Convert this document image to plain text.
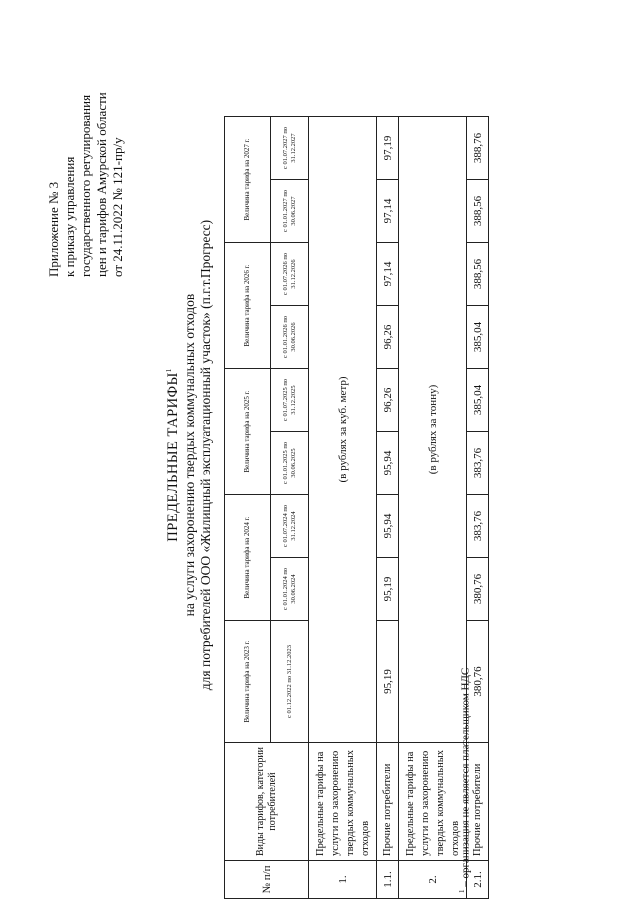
Приложение № 3 к приказу управления государственного регулирования цен и тарифов Амурской области от 24.11.2022 № 121-пр/у
ПРЕДЕЛЬНЫЕ ТАРИФЫ$^1$ на услуги захоронению твердых коммунальных отходов для потребителей ООО «Жилищный эксплуатационный участок» (п.г.т.Прогресс)
№ п/п	Виды тарифов, категории потребителей	Величина тарифа на 2023 г.	Величина тарифа на 2024 г.		Величина тарифа на 2025 г.		Величина тарифа на 2026 г.		Величина тарифа на 2027 г.	
		с 01.12.2022 по 31.12.2023	с 01.01.2024 по 30.06.2024	с 01.07.2024 по 31.12.2024	с 01.01.2025 по 30.06.2025	с 01.07.2025 по 31.12.2025	с 01.01.2026 по 30.06.2026	с 01.07.2026 по 31.12.2026	с 01.01.2027 по 30.06.2027	с 01.07.2027 по 31.12.2027
1.	Предельные тарифы на услуги по захоронению твердых коммунальных отходов	(в рублях за куб. метр)								
1.1.	Прочие потребители	95,19	95,19	95,94	95,94	96,26	96,26	97,14	97,14	97,19
2.	Предельные тарифы на услуги по захоронению твердых коммунальных отходов	(в рублях за тонну)								
2.1.	Прочие потребители	380,76	380,76	383,76	383,76	385,04	385,04	388,56	388,56	388,76
$^1$ – организация не является плательщиком НДС
